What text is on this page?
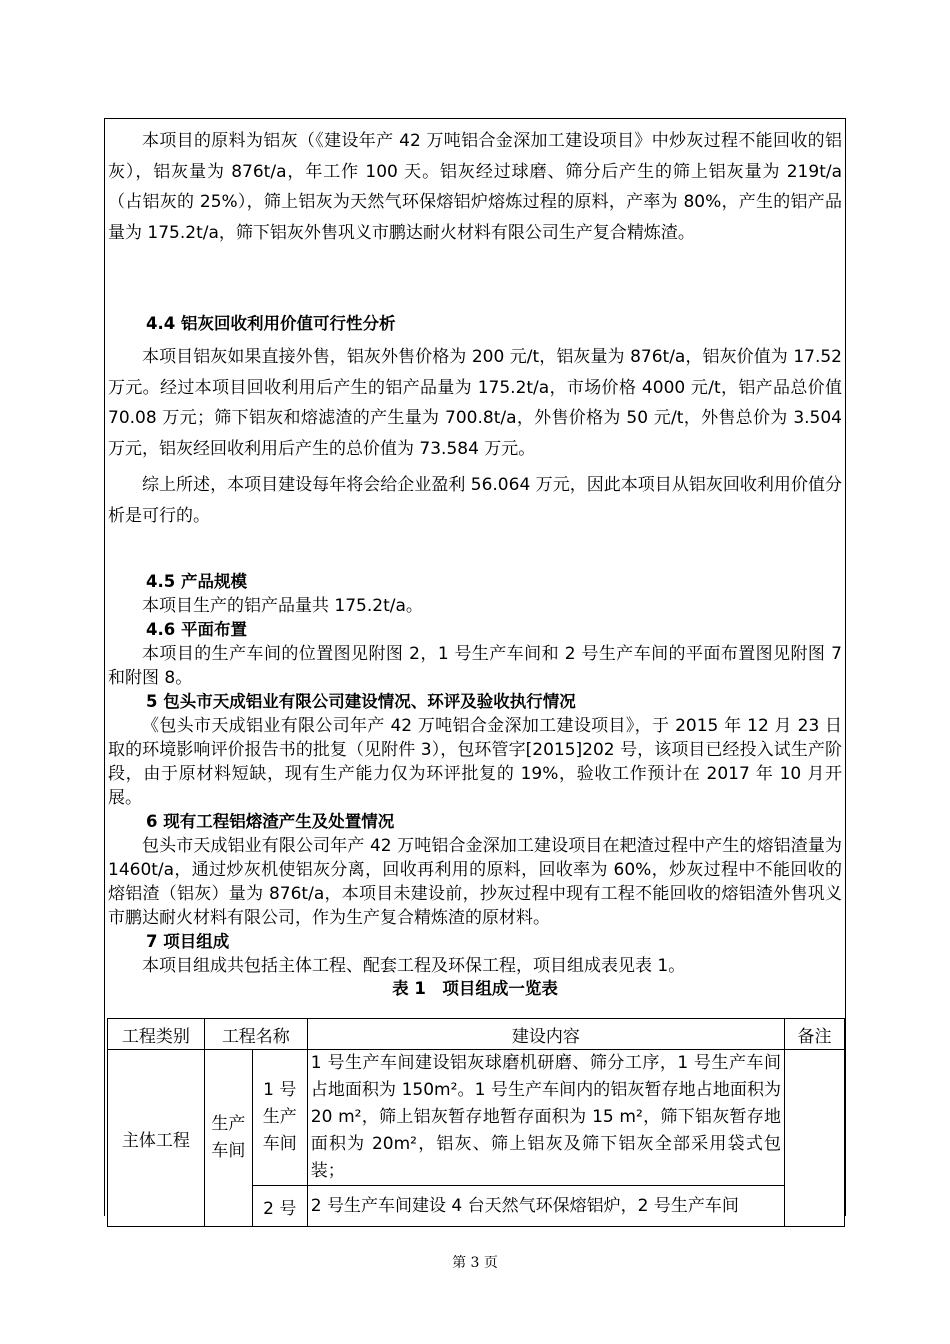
本项目的原料为铝灰（《建设年产 42 万吨铝合金深加工建设项目》中炒灰过程不能回收的铝灰），铝灰量为 876t/a，年工作 100 天。铝灰经过球磨、筛分后产生的筛上铝灰量为 219t/a（占铝灰的 25%），筛上铝灰为天然气环保熔铝炉熔炼过程的原料，产率为 80%，产生的铝产品量为 175.2t/a，筛下铝灰外售巩义市鹏达耐火材料有限公司生产复合精炼渣。

4.4 铝灰回收利用价值可行性分析

本项目铝灰如果直接外售，铝灰外售价格为 200 元/t，铝灰量为 876t/a，铝灰价值为 17.52 万元。经过本项目回收利用后产生的铝产品量为 175.2t/a，市场价格 4000 元/t，铝产品总价值 70.08 万元；筛下铝灰和熔滤渣的产生量为 700.8t/a，外售价格为 50 元/t，外售总价为 3.504 万元，铝灰经回收利用后产生的总价值为 73.584 万元。

综上所述，本项目建设每年将会给企业盈利 56.064 万元，因此本项目从铝灰回收利用价值分析是可行的。

4.5 产品规模

本项目生产的铝产品量共 175.2t/a。

4.6 平面布置

本项目的生产车间的位置图见附图 2，1 号生产车间和 2 号生产车间的平面布置图见附图 7 和附图 8。

5 包头市天成铝业有限公司建设情况、环评及验收执行情况

《包头市天成铝业有限公司年产 42 万吨铝合金深加工建设项目》，于 2015 年 12 月 23 日取的环境影响评价报告书的批复（见附件 3），包环管字[2015]202 号，该项目已经投入试生产阶段，由于原材料短缺，现有生产能力仅为环评批复的 19%，验收工作预计在 2017 年 10 月开展。

6 现有工程铝熔渣产生及处置情况

包头市天成铝业有限公司年产 42 万吨铝合金深加工建设项目在耙渣过程中产生的熔铝渣量为 1460t/a，通过炒灰机使铝灰分离，回收再利用的原料，回收率为 60%，炒灰过程中不能回收的熔铝渣（铝灰）量为 876t/a，本项目未建设前，抄灰过程中现有工程不能回收的熔铝渣外售巩义市鹏达耐火材料有限公司，作为生产复合精炼渣的原材料。

7 项目组成

本项目组成共包括主体工程、配套工程及环保工程，项目组成表见表 1。

表 1　项目组成一览表

工程类别	工程名称		建设内容	备注
主体工程	生产车间	1 号生产车间	1 号生产车间建设铝灰球磨机研磨、筛分工序，1 号生产车间占地面积为 150m²。1 号生产车间内的铝灰暂存地占地面积为 20 m²，筛上铝灰暂存地暂存面积为 15 m²，筛下铝灰暂存地面积为 20m²，铝灰、筛上铝灰及筛下铝灰全部采用袋式包装；	
		2 号	2 号生产车间建设 4 台天然气环保熔铝炉，2 号生产车间	
第 3 页
